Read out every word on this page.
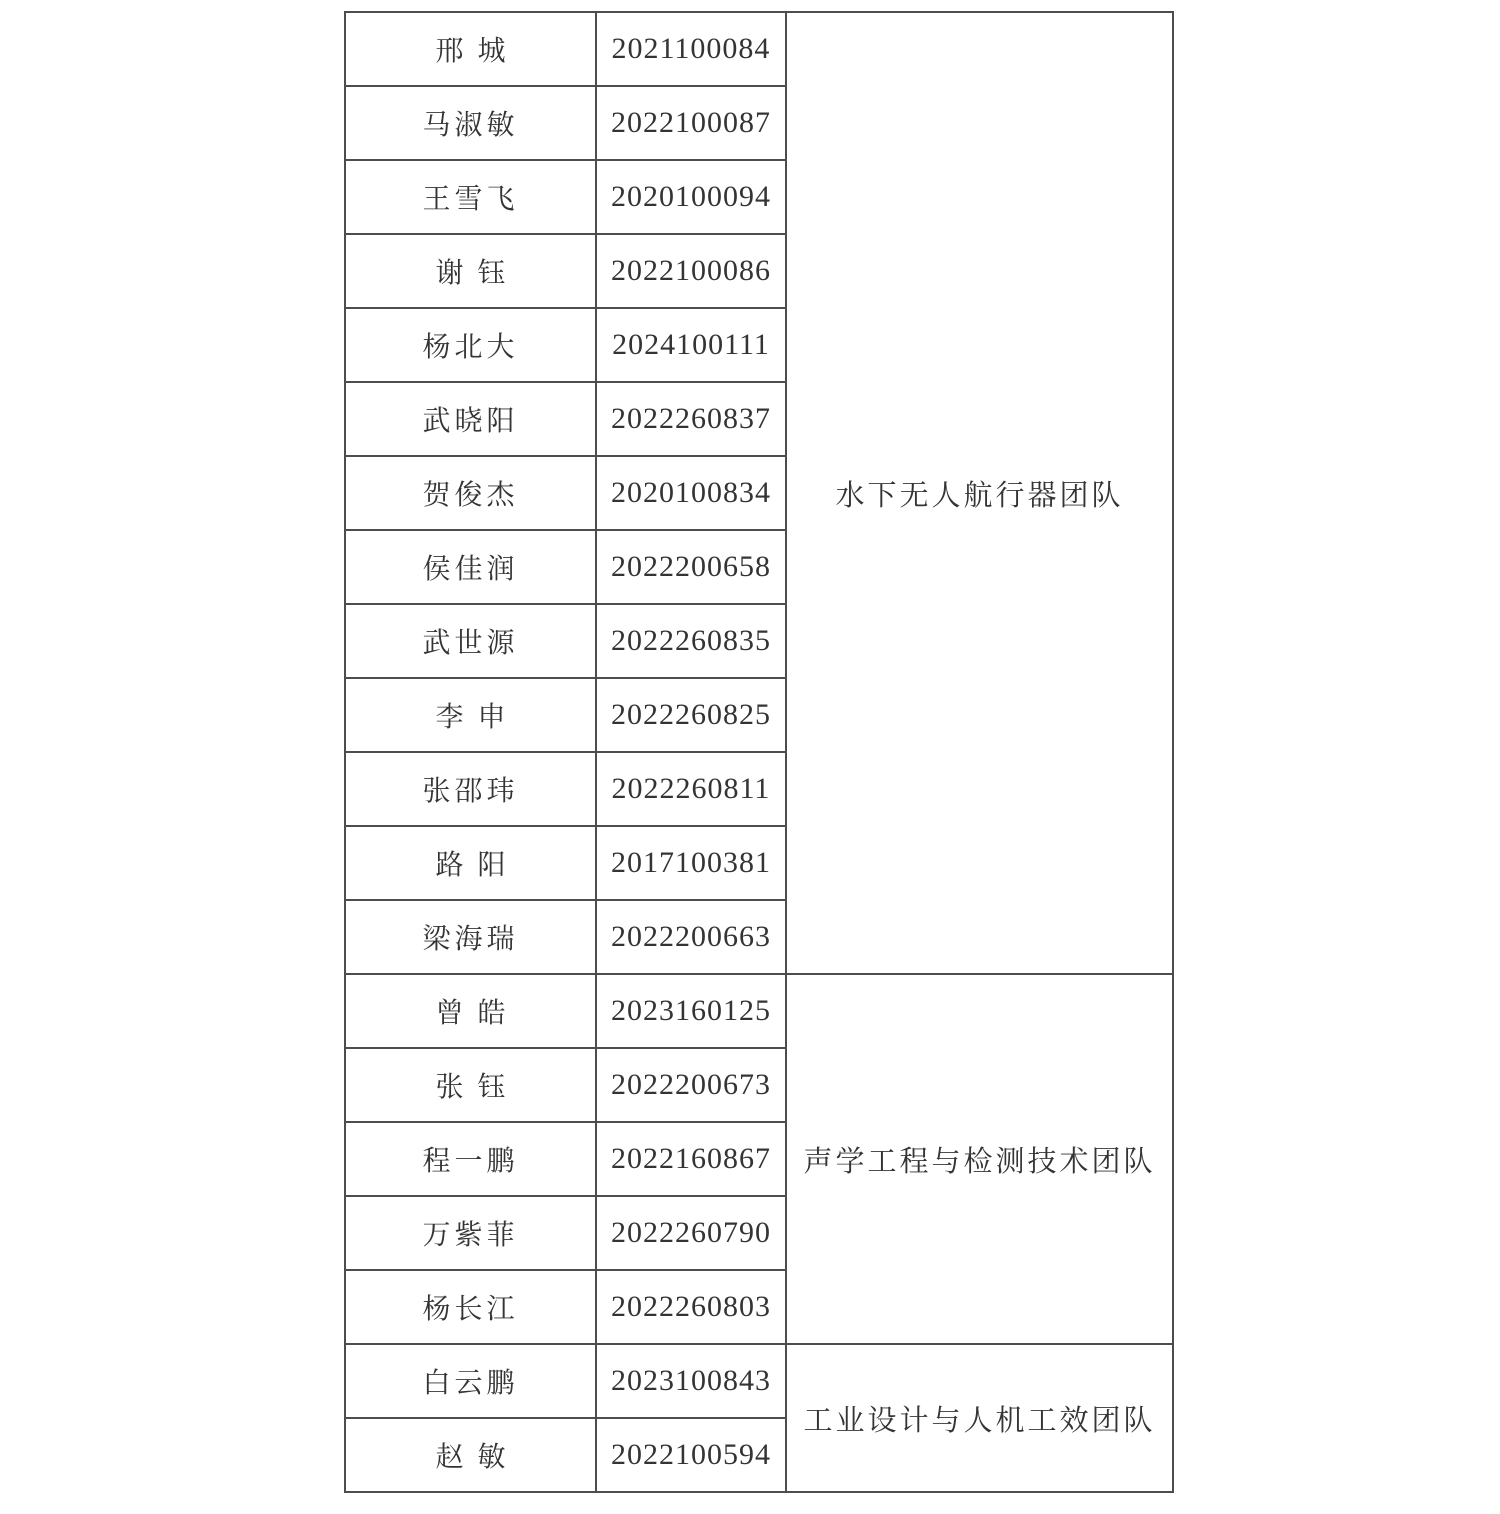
邢城	2021100084	水下无人航行器团队
马淑敏	2022100087	
王雪飞	2020100094	
谢钰	2022100086	
杨北大	2024100111	
武晓阳	2022260837	
贺俊杰	2020100834	
侯佳润	2022200658	
武世源	2022260835	
李申	2022260825	
张邵玮	2022260811	
路阳	2017100381	
梁海瑞	2022200663	
曾皓	2023160125	声学工程与检测技术团队
张钰	2022200673	
程一鹏	2022160867	
万紫菲	2022260790	
杨长江	2022260803	
白云鹏	2023100843	工业设计与人机工效团队
赵敏	2022100594	
